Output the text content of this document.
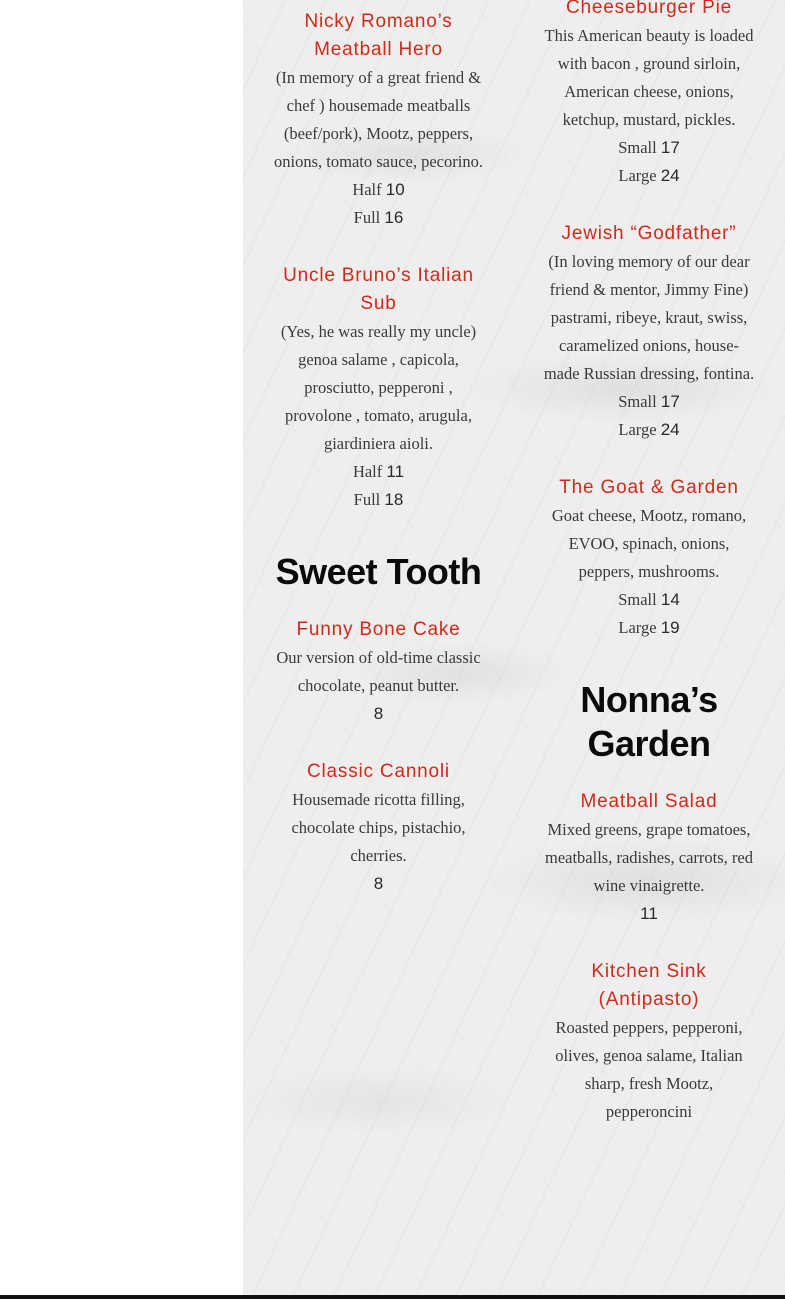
Nicky Romano’s Meatball Hero
(In memory of a great friend & chef ) housemade meatballs (beef/pork), Mootz, peppers, onions, tomato sauce, pecorino.
Half 10
Full 16
Uncle Bruno’s Italian Sub
(Yes, he was really my uncle) genoa salame , capicola, prosciutto, pepperoni , provolone , tomato, arugula, giardiniera aioli.
Half 11
Full 18
Sweet Tooth
Funny Bone Cake
Our version of old-time classic chocolate, peanut butter.
8
Classic Cannoli
Housemade ricotta filling, chocolate chips, pistachio, cherries.
8
Cheeseburger Pie
This American beauty is loaded with bacon , ground sirloin, American cheese, onions, ketchup, mustard, pickles.
Small 17
Large 24
Jewish “Godfather”
(In loving memory of our dear friend & mentor, Jimmy Fine) pastrami, ribeye, kraut, swiss, caramelized onions, house-made Russian dressing, fontina.
Small 17
Large 24
The Goat & Garden
Goat cheese, Mootz, romano, EVOO, spinach, onions, peppers, mushrooms.
Small 14
Large 19
Nonna’s Garden
Meatball Salad
Mixed greens, grape tomatoes, meatballs, radishes, carrots, red wine vinaigrette.
11
Kitchen Sink (Antipasto)
Roasted peppers, pepperoni, olives, genoa salame, Italian sharp, fresh Mootz, pepperoncini
